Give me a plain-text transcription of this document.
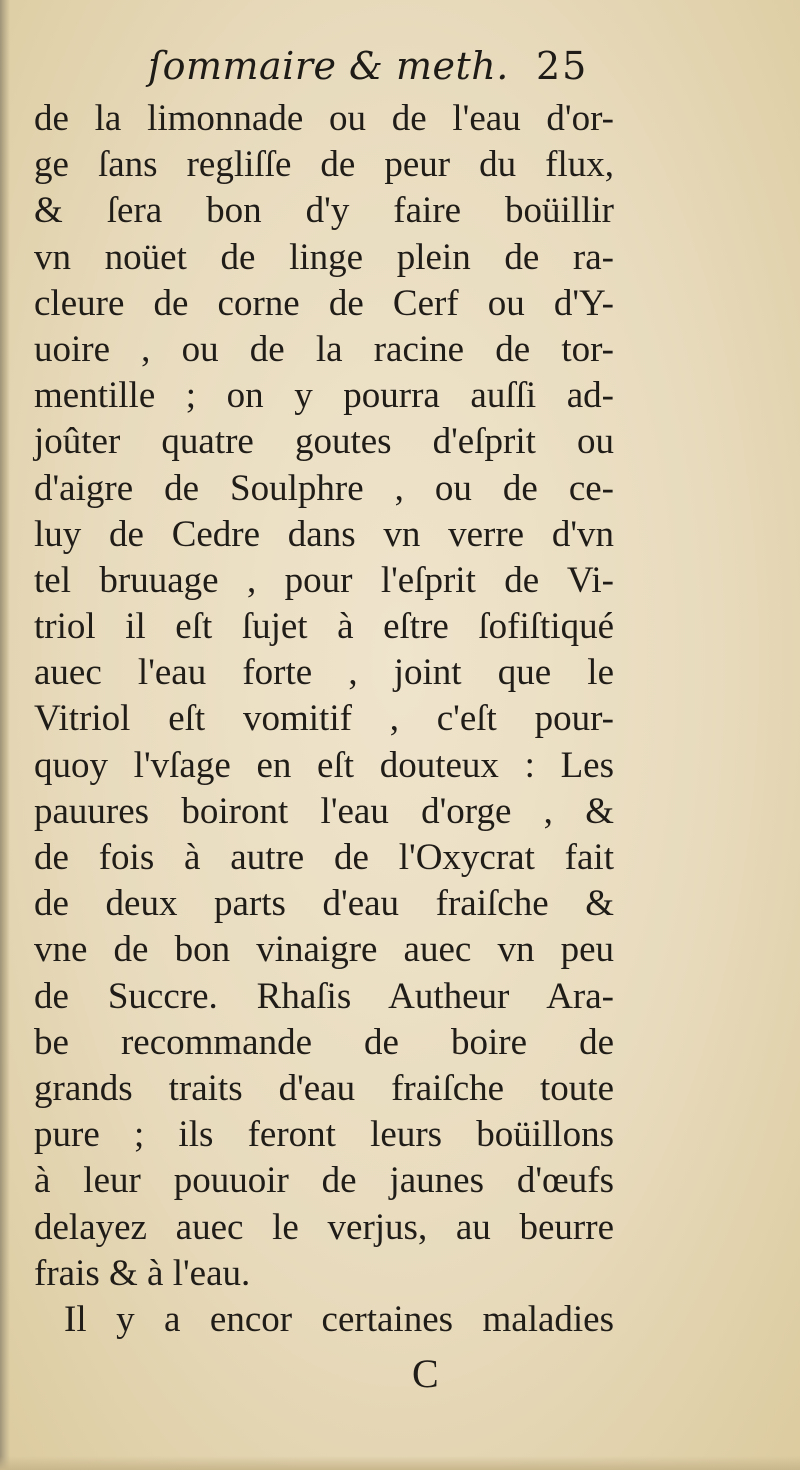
ſommaire & meth. 25
de la limonnade ou de l'eau d'or-
ge ſans regliſſe de peur du flux,
& ſera bon d'y faire boüillir
vn noüet de linge plein de ra-
cleure de corne de Cerf ou d'Y-
uoire , ou de la racine de tor-
mentille ; on y pourra auſſi ad-
joûter quatre goutes d'eſprit ou
d'aigre de Soulphre , ou de ce-
luy de Cedre dans vn verre d'vn
tel bruuage , pour l'eſprit de Vi-
triol il eſt ſujet à eſtre ſofiſtiqué
auec l'eau forte , joint que le
Vitriol eſt vomitif , c'eſt pour-
quoy l'vſage en eſt douteux : Les
pauures boiront l'eau d'orge , &
de fois à autre de l'Oxycrat fait
de deux parts d'eau fraiſche &
vne de bon vinaigre auec vn peu
de Succre. Rhaſis Autheur Ara-
be recommande de boire de
grands traits d'eau fraiſche toute
pure ; ils feront leurs boüillons
à leur pouuoir de jaunes d'œufs
delayez auec le verjus, au beurre
frais & à l'eau.
Il y a encor certaines maladies
C
